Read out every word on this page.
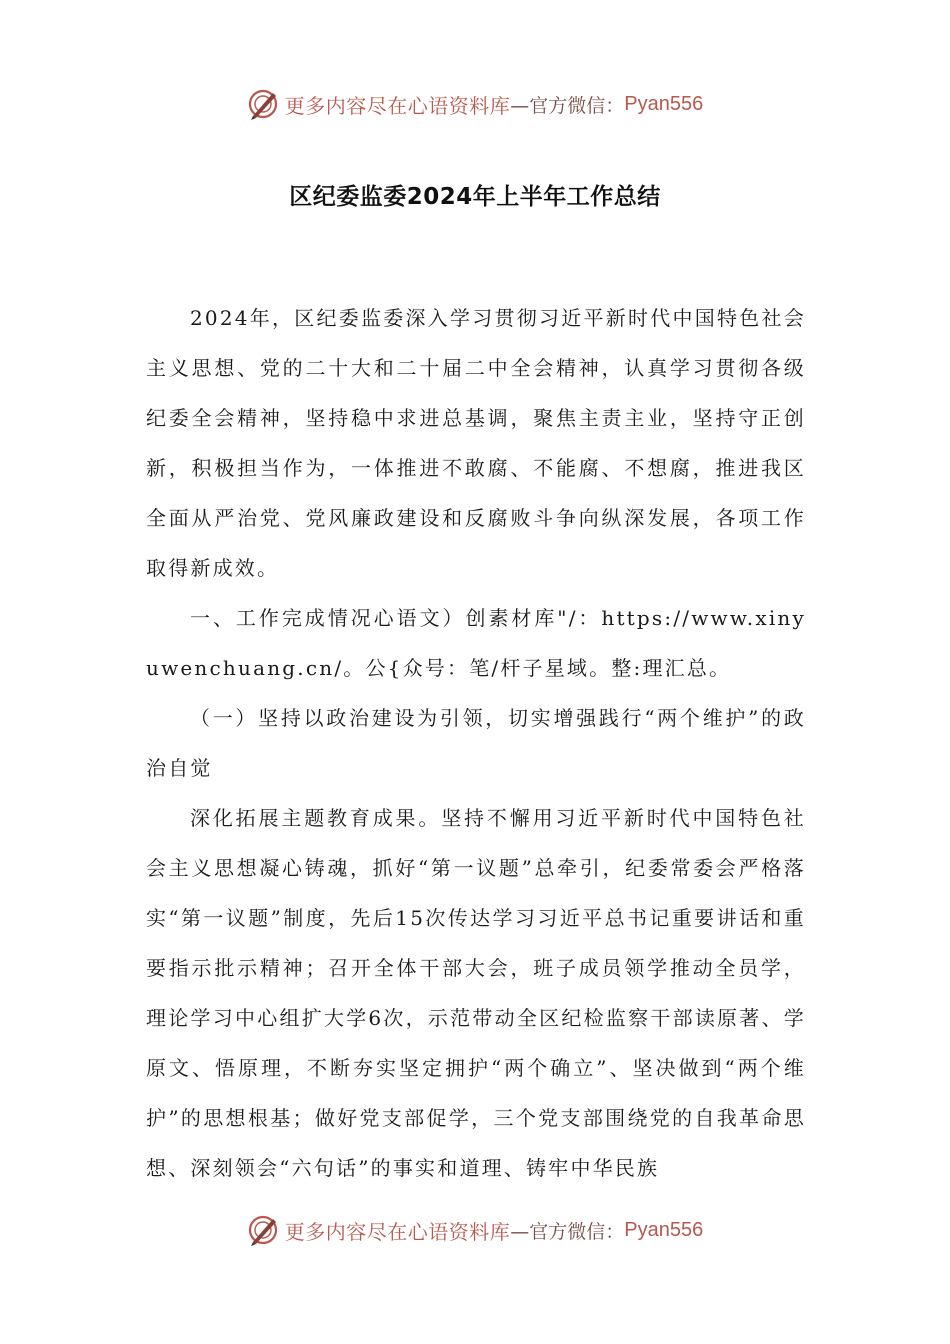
更多内容尽在心语资料库 —官方微信： Pyan556
区纪委监委2024年上半年工作总结

2024年，区纪委监委深入学习贯彻习近平新时代中国特色社会主义思想、党的二十大和二十届二中全会精神，认真学习贯彻各级纪委全会精神，坚持稳中求进总基调，聚焦主责主业，坚持守正创新，积极担当作为，一体推进不敢腐、不能腐、不想腐，推进我区全面从严治党、党风廉政建设和反腐败斗争向纵深发展，各项工作取得新成效。

一、工作完成情况心语文）创素材库"/：https://www.xinyuwenchuang.cn/。公{众号：笔/杆子星域。整:理汇总。

（一）坚持以政治建设为引领，切实增强践行“两个维护”的政治自觉

深化拓展主题教育成果。坚持不懈用习近平新时代中国特色社会主义思想凝心铸魂，抓好“第一议题”总牵引，纪委常委会严格落实“第一议题”制度，先后15次传达学习习近平总书记重要讲话和重要指示批示精神；召开全体干部大会，班子成员领学推动全员学，理论学习中心组扩大学6次，示范带动全区纪检监察干部读原著、学原文、悟原理，不断夯实坚定拥护“两个确立”、坚决做到“两个维护”的思想根基；做好党支部促学，三个党支部围绕党的自我革命思想、深刻领会“六句话”的事实和道理、铸牢中华民族

更多内容尽在心语资料库 —官方微信： Pyan556
